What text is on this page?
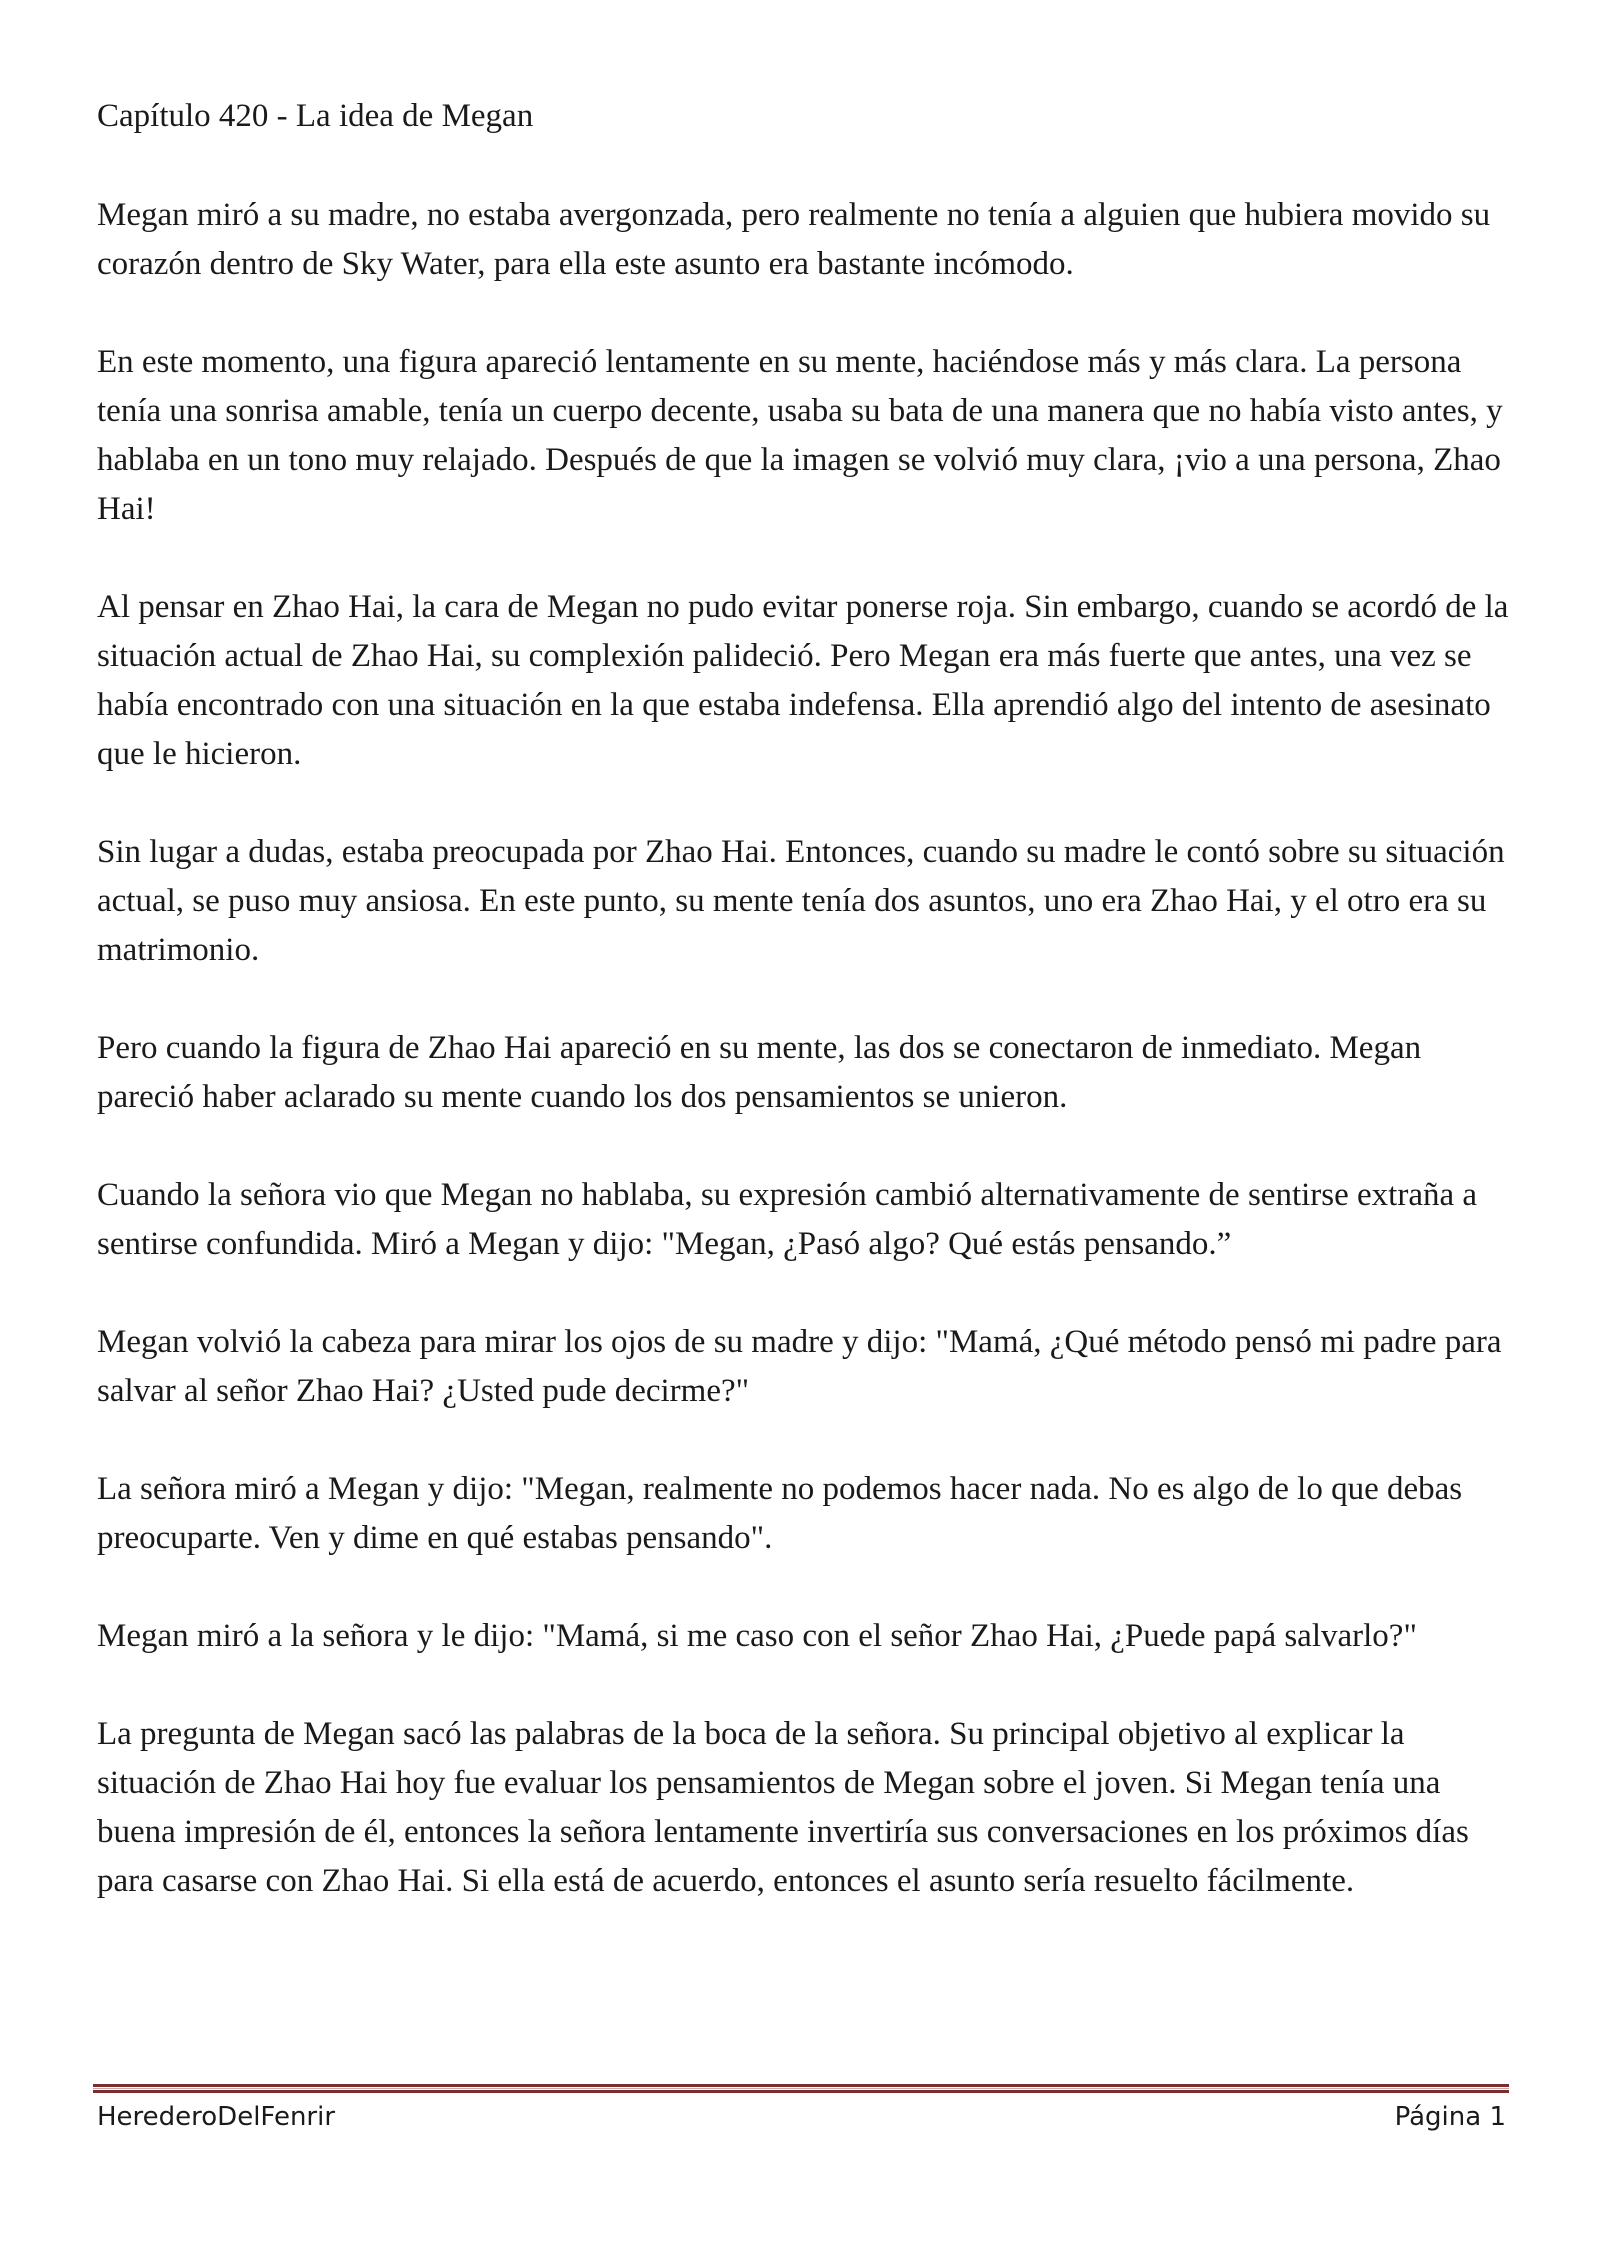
Capítulo 420 - La idea de Megan

Megan miró a su madre, no estaba avergonzada, pero realmente no tenía a alguien que hubiera movido su corazón dentro de Sky Water, para ella este asunto era bastante incómodo.

En este momento, una figura apareció lentamente en su mente, haciéndose más y más clara. La persona tenía una sonrisa amable, tenía un cuerpo decente, usaba su bata de una manera que no había visto antes, y hablaba en un tono muy relajado. Después de que la imagen se volvió muy clara, ¡vio a una persona, Zhao Hai!

Al pensar en Zhao Hai, la cara de Megan no pudo evitar ponerse roja. Sin embargo, cuando se acordó de la situación actual de Zhao Hai, su complexión palideció. Pero Megan era más fuerte que antes, una vez se había encontrado con una situación en la que estaba indefensa. Ella aprendió algo del intento de asesinato que le hicieron.

Sin lugar a dudas, estaba preocupada por Zhao Hai. Entonces, cuando su madre le contó sobre su situación actual, se puso muy ansiosa. En este punto, su mente tenía dos asuntos, uno era Zhao Hai, y el otro era su matrimonio.

Pero cuando la figura de Zhao Hai apareció en su mente, las dos se conectaron de inmediato. Megan pareció haber aclarado su mente cuando los dos pensamientos se unieron.

Cuando la señora vio que Megan no hablaba, su expresión cambió alternativamente de sentirse extraña a sentirse confundida. Miró a Megan y dijo: "Megan, ¿Pasó algo? Qué estás pensando.”

Megan volvió la cabeza para mirar los ojos de su madre y dijo: "Mamá, ¿Qué método pensó mi padre para salvar al señor Zhao Hai? ¿Usted pude decirme?"

La señora miró a Megan y dijo: "Megan, realmente no podemos hacer nada. No es algo de lo que debas preocuparte. Ven y dime en qué estabas pensando".

Megan miró a la señora y le dijo: "Mamá, si me caso con el señor Zhao Hai, ¿Puede papá salvarlo?"

La pregunta de Megan sacó las palabras de la boca de la señora. Su principal objetivo al explicar la situación de Zhao Hai hoy fue evaluar los pensamientos de Megan sobre el joven. Si Megan tenía una buena impresión de él, entonces la señora lentamente invertiría sus conversaciones en los próximos días para casarse con Zhao Hai. Si ella está de acuerdo, entonces el asunto sería resuelto fácilmente.

HerederoDelFenrir	Página 1
